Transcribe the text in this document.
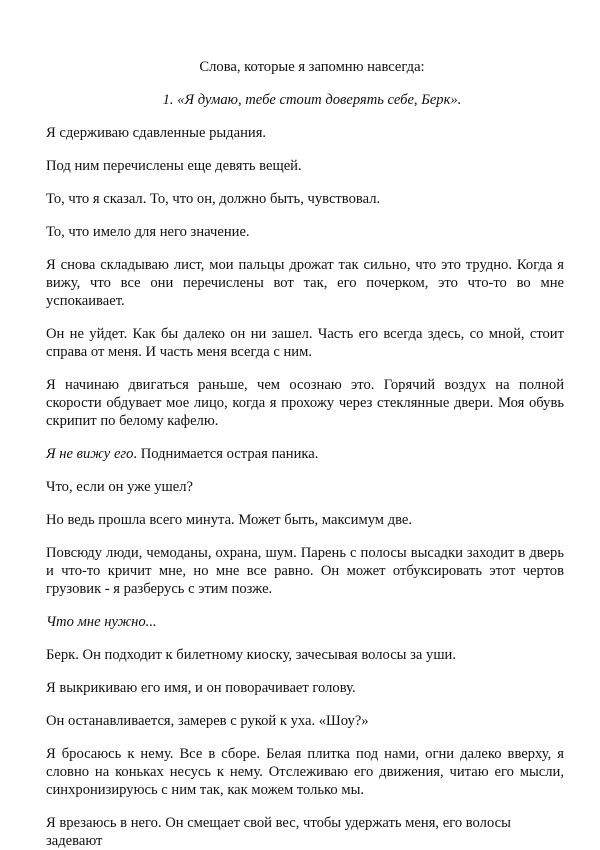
Слова, которые я запомню навсегда:

1. «Я думаю, тебе стоит доверять себе, Берк».

Я сдерживаю сдавленные рыдания.

Под ним перечислены еще девять вещей.

То, что я сказал. То, что он, должно быть, чувствовал.

То, что имело для него значение.

Я снова складываю лист, мои пальцы дрожат так сильно, что это трудно. Когда я вижу, что все они перечислены вот так, его почерком, это что-то во мне успокаивает.

Он не уйдет. Как бы далеко он ни зашел. Часть его всегда здесь, со мной, стоит справа от меня. И часть меня всегда с ним.

Я начинаю двигаться раньше, чем осознаю это. Горячий воздух на полной скорости обдувает мое лицо, когда я прохожу через стеклянные двери. Моя обувь скрипит по белому кафелю.

Я не вижу его. Поднимается острая паника.

Что, если он уже ушел?

Но ведь прошла всего минута. Может быть, максимум две.

Повсюду люди, чемоданы, охрана, шум. Парень с полосы высадки заходит в дверь и что-то кричит мне, но мне все равно. Он может отбуксировать этот чертов грузовик - я разберусь с этим позже.

Что мне нужно...

Берк. Он подходит к билетному киоску, зачесывая волосы за уши.

Я выкрикиваю его имя, и он поворачивает голову.

Он останавливается, замерев с рукой к уха. «Шоу?»

Я бросаюсь к нему. Все в сборе. Белая плитка под нами, огни далеко вверху, я словно на коньках несусь к нему. Отслеживаю его движения, читаю его мысли, синхронизируюсь с ним так, как можем только мы.

Я врезаюсь в него. Он смещает свой вес, чтобы удержать меня, его волосы задевают
